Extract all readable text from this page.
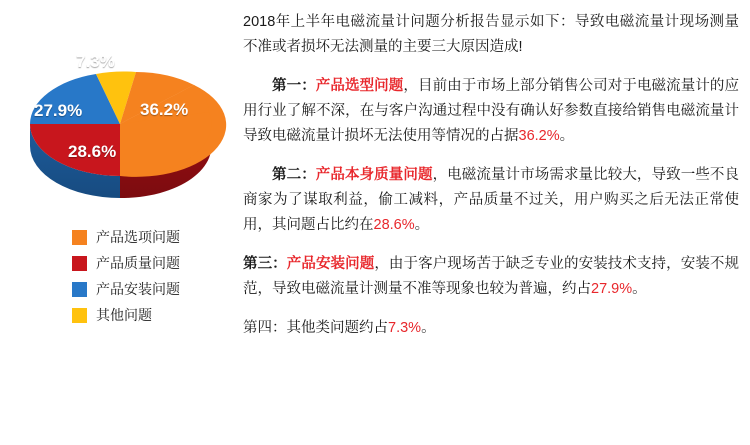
36.2%
28.6%
27.9%
7.3%
产品选项问题
产品质量问题
产品安装问题
其他问题

2018年上半年电磁流量计问题分析报告显示如下：导致电磁流量计现场测量不准或者损坏无法测量的主要三大原因造成!

第一：产品选型问题，目前由于市场上部分销售公司对于电磁流量计的应用行业了解不深，在与客户沟通过程中没有确认好参数直接给销售电磁流量计导致电磁流量计损坏无法使用等情况的占据36.2%。

第二：产品本身质量问题，电磁流量计市场需求量比较大，导致一些不良商家为了谋取利益，偷工减料，产品质量不过关，用户购买之后无法正常使用，其问题占比约在28.6%。

第三：产品安装问题，由于客户现场苦于缺乏专业的安装技术支持，安装不规范，导致电磁流量计测量不准等现象也较为普遍，约占27.9%。

第四：其他类问题约占7.3%。
